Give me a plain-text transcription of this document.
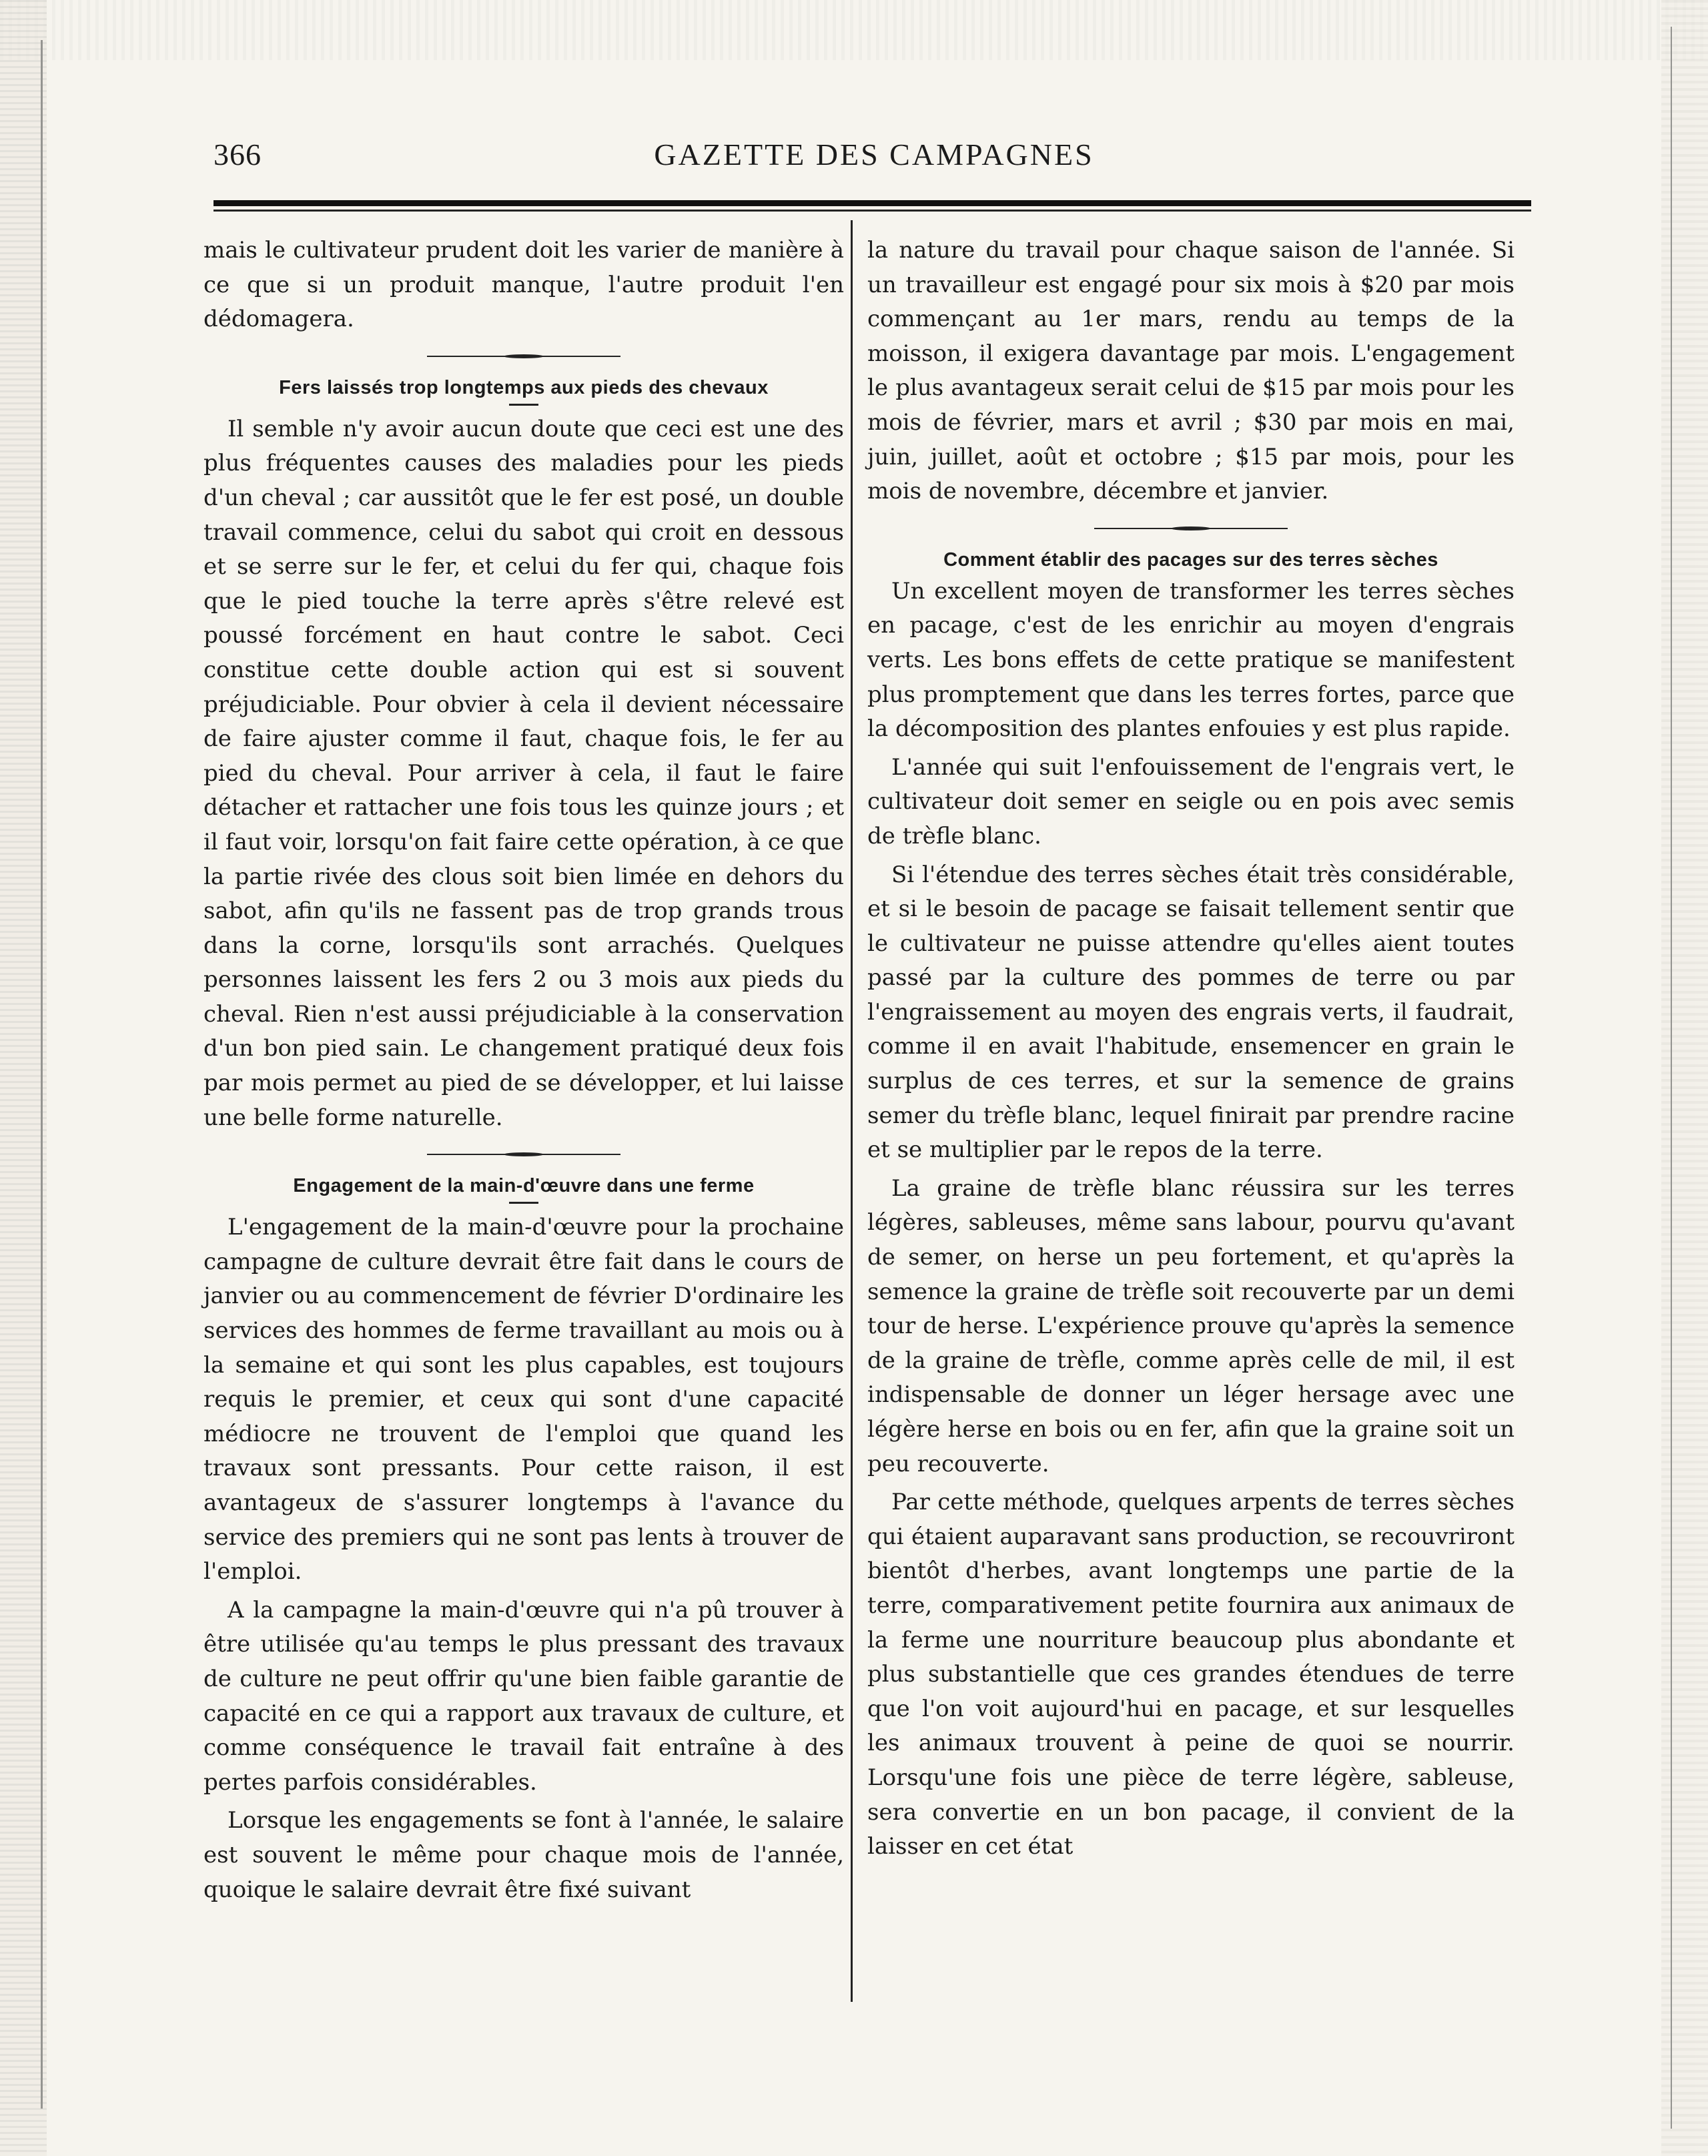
366	GAZETTE DES CAMPAGNES

mais le cultivateur prudent doit les varier de manière à ce que si un produit manque, l'autre produit l'en dédomagera.

Fers laissés trop longtemps aux pieds des chevaux

Il semble n'y avoir aucun doute que ceci est une des plus fréquentes causes des maladies pour les pieds d'un cheval ; car aussitôt que le fer est posé, un double travail commence, celui du sabot qui croit en dessous et se serre sur le fer, et celui du fer qui, chaque fois que le pied touche la terre après s'être relevé est poussé forcément en haut contre le sabot. Ceci constitue cette double action qui est si souvent préjudiciable. Pour obvier à cela il devient nécessaire de faire ajuster comme il faut, chaque fois, le fer au pied du cheval. Pour arriver à cela, il faut le faire détacher et rattacher une fois tous les quinze jours ; et il faut voir, lorsqu'on fait faire cette opération, à ce que la partie rivée des clous soit bien limée en dehors du sabot, afin qu'ils ne fassent pas de trop grands trous dans la corne, lorsqu'ils sont arrachés. Quelques personnes laissent les fers 2 ou 3 mois aux pieds du cheval. Rien n'est aussi préjudiciable à la conservation d'un bon pied sain. Le changement pratiqué deux fois par mois permet au pied de se développer, et lui laisse une belle forme naturelle.

Engagement de la main-d'œuvre dans une ferme

L'engagement de la main-d'œuvre pour la prochaine campagne de culture devrait être fait dans le cours de janvier ou au commencement de février D'ordinaire les services des hommes de ferme travaillant au mois ou à la semaine et qui sont les plus capables, est toujours requis le premier, et ceux qui sont d'une capacité médiocre ne trouvent de l'emploi que quand les travaux sont pressants. Pour cette raison, il est avantageux de s'assurer longtemps à l'avance du service des premiers qui ne sont pas lents à trouver de l'emploi.

A la campagne la main-d'œuvre qui n'a pû trouver à être utilisée qu'au temps le plus pressant des travaux de culture ne peut offrir qu'une bien faible garantie de capacité en ce qui a rapport aux travaux de culture, et comme conséquence le travail fait entraîne à des pertes parfois considérables.

Lorsque les engagements se font à l'année, le salaire est souvent le même pour chaque mois de l'année, quoique le salaire devrait être fixé suivant

la nature du travail pour chaque saison de l'année. Si un travailleur est engagé pour six mois à $20 par mois commençant au 1er mars, rendu au temps de la moisson, il exigera davantage par mois. L'engagement le plus avantageux serait celui de $15 par mois pour les mois de février, mars et avril ; $30 par mois en mai, juin, juillet, août et octobre ; $15 par mois, pour les mois de novembre, décembre et janvier.

Comment établir des pacages sur des terres sèches

Un excellent moyen de transformer les terres sèches en pacage, c'est de les enrichir au moyen d'engrais verts. Les bons effets de cette pratique se manifestent plus promptement que dans les terres fortes, parce que la décomposition des plantes enfouies y est plus rapide.

L'année qui suit l'enfouissement de l'engrais vert, le cultivateur doit semer en seigle ou en pois avec semis de trèfle blanc.

Si l'étendue des terres sèches était très considérable, et si le besoin de pacage se faisait tellement sentir que le cultivateur ne puisse attendre qu'elles aient toutes passé par la culture des pommes de terre ou par l'engraissement au moyen des engrais verts, il faudrait, comme il en avait l'habitude, ensemencer en grain le surplus de ces terres, et sur la semence de grains semer du trèfle blanc, lequel finirait par prendre racine et se multiplier par le repos de la terre.

La graine de trèfle blanc réussira sur les terres légères, sableuses, même sans labour, pourvu qu'avant de semer, on herse un peu fortement, et qu'après la semence la graine de trèfle soit recouverte par un demi tour de herse. L'expérience prouve qu'après la semence de la graine de trèfle, comme après celle de mil, il est indispensable de donner un léger hersage avec une légère herse en bois ou en fer, afin que la graine soit un peu recouverte.

Par cette méthode, quelques arpents de terres sèches qui étaient auparavant sans production, se recouvriront bientôt d'herbes, avant longtemps une partie de la terre, comparativement petite fournira aux animaux de la ferme une nourriture beaucoup plus abondante et plus substantielle que ces grandes étendues de terre que l'on voit aujourd'hui en pacage, et sur lesquelles les animaux trouvent à peine de quoi se nourrir. Lorsqu'une fois une pièce de terre légère, sableuse, sera convertie en un bon pacage, il convient de la laisser en cet état
